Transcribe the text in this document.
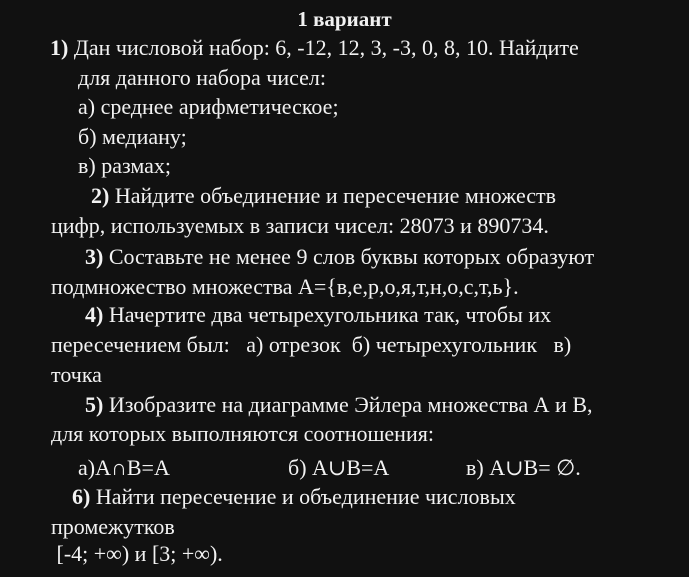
1 вариант
1) Дан числовой набор: 6, -12, 12, 3, -3, 0, 8, 10. Найдите
для данного набора чисел:
а) среднее арифметическое;
б) медиану;
в) размах;
2) Найдите объединение и пересечение множеств
цифр, используемых в записи чисел: 28073 и 890734.
3) Составьте не менее 9 слов буквы которых образуют
подмножество множества А={в,е,р,о,я,т,н,о,с,т,ь}.
4) Начертите два четырехугольника так, чтобы их
пересечением был:   а) отрезок  б) четырехугольник   в)
точка
5) Изобразите на диаграмме Эйлера множества А и В,
для которых выполняются соотношения:
а)А∩В=А	б) А∪В=А	в) А∪В= ∅.
6) Найти пересечение и объединение числовых
промежутков
[-4; +∞) и [3; +∞).
